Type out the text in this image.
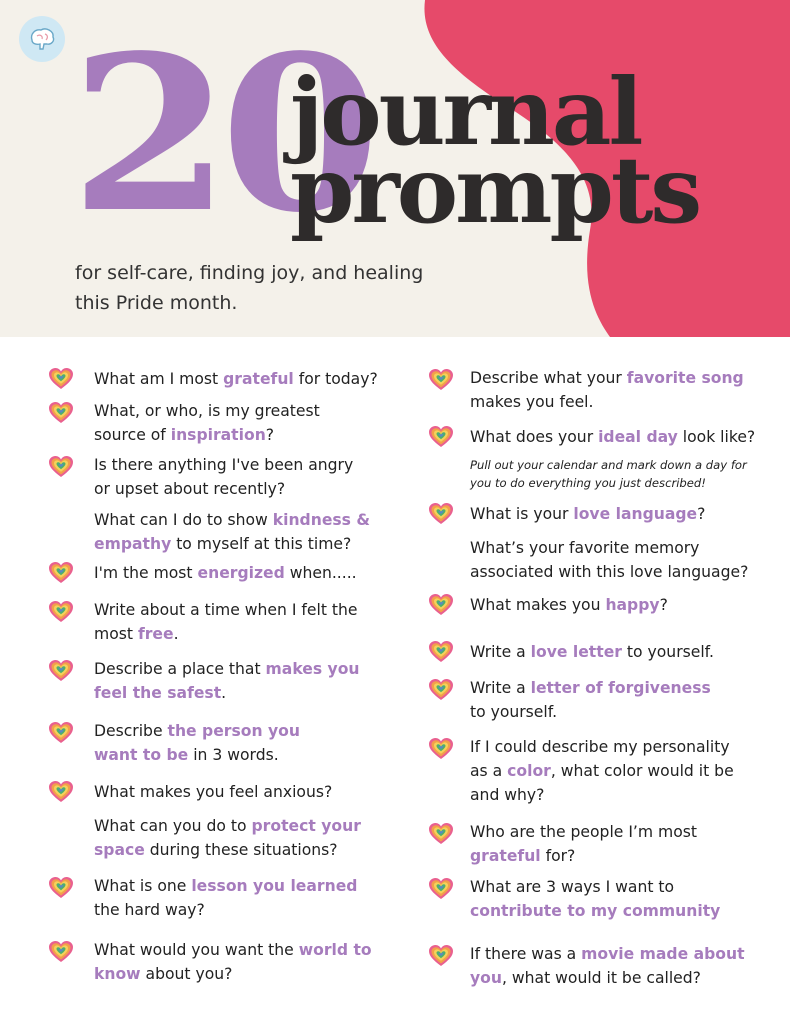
20
journal
prompts
for self-care, finding joy, and healing
this Pride month.
What am I most grateful for today?
What, or who, is my greatest
source of inspiration?
Is there anything I've been angry
or upset about recently?
What can I do to show kindness &
empathy to myself at this time?
I'm the most energized when.....
Write about a time when I felt the
most free.
Describe a place that makes you
feel the safest.
Describe the person you
want to be in 3 words.
What makes you feel anxious?
What can you do to protect your
space during these situations?
What is one lesson you learned
the hard way?
What would you want the world to
know about you?
Describe what your favorite song
makes you feel.
What does your ideal day look like?
Pull out your calendar and mark down a day for
you to do everything you just described!
What is your love language?
What’s your favorite memory
associated with this love language?
What makes you happy?
Write a love letter to yourself.
Write a letter of forgiveness
to yourself.
If I could describe my personality
as a color, what color would it be
and why?
Who are the people I’m most
grateful for?
What are 3 ways I want to
contribute to my community
If there was a movie made about
you, what would it be called?
